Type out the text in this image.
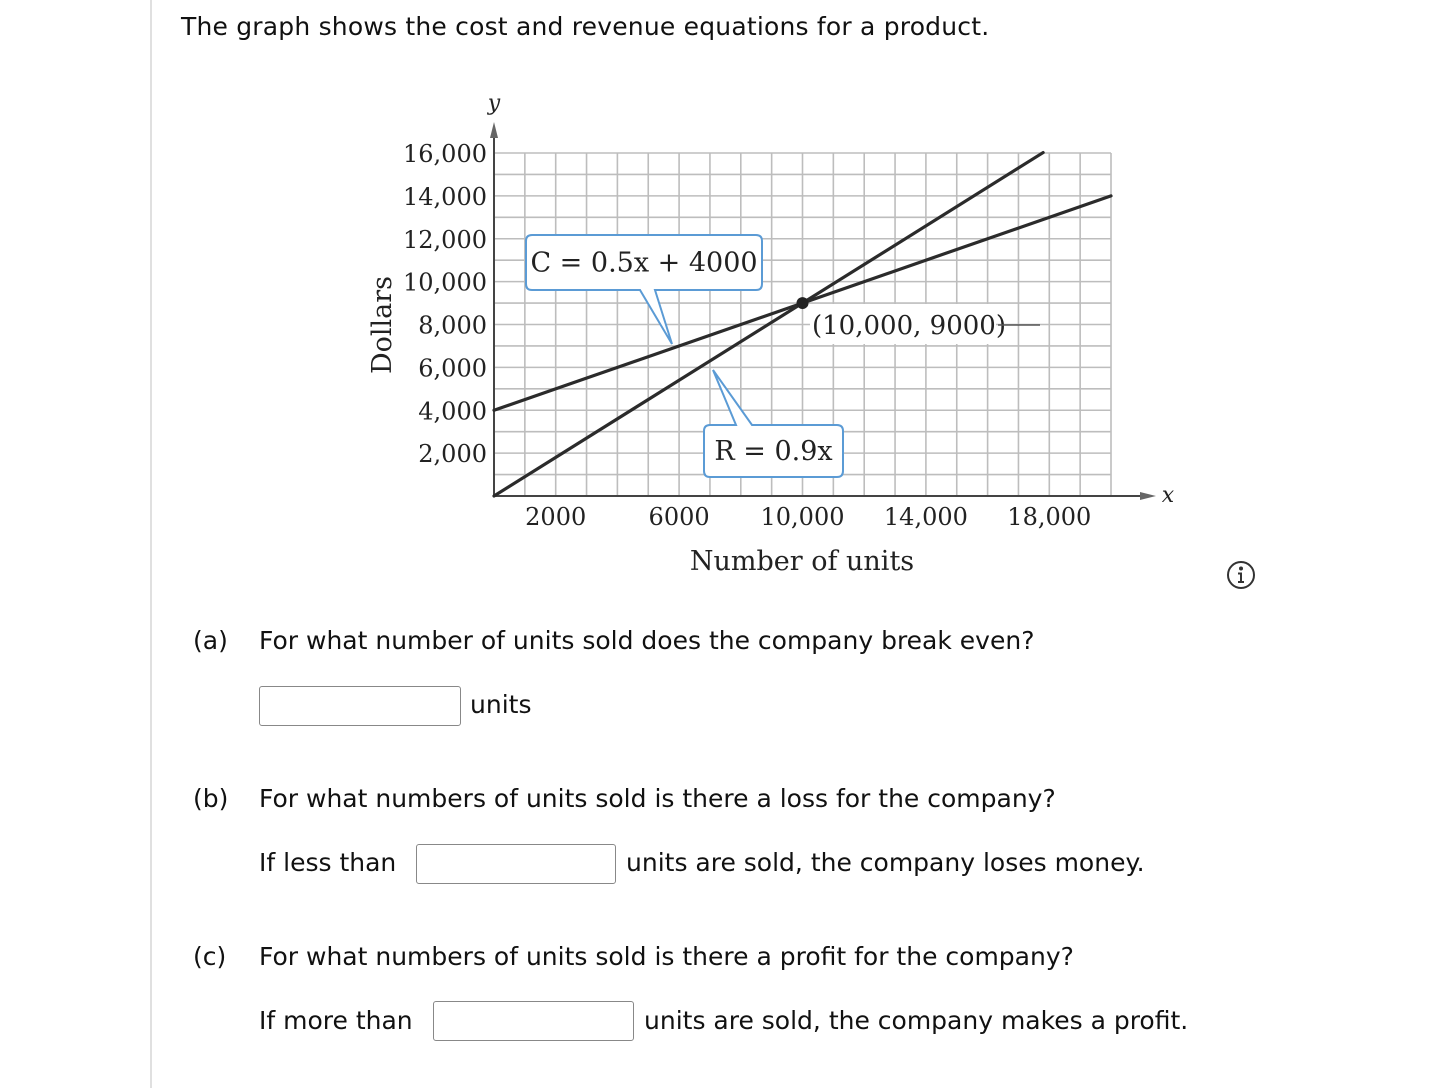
The graph shows the cost and revenue equations for a product.
2,000
4,000
6,000
8,000
10,000
12,000
14,000
16,000
2000	6000 10,000 14,000 18,000
y
x
Number of units
Dollars	(10,000, 9000)
C = 0.5x + 4000
R = 0.9x
(a) For what number of units sold does the company break even?
units
(b) For what numbers of units sold is there a loss for the company?
If less than	units are sold, the company loses money.
(c) For what numbers of units sold is there a profit for the company?
If more than	units are sold, the company makes a profit.
